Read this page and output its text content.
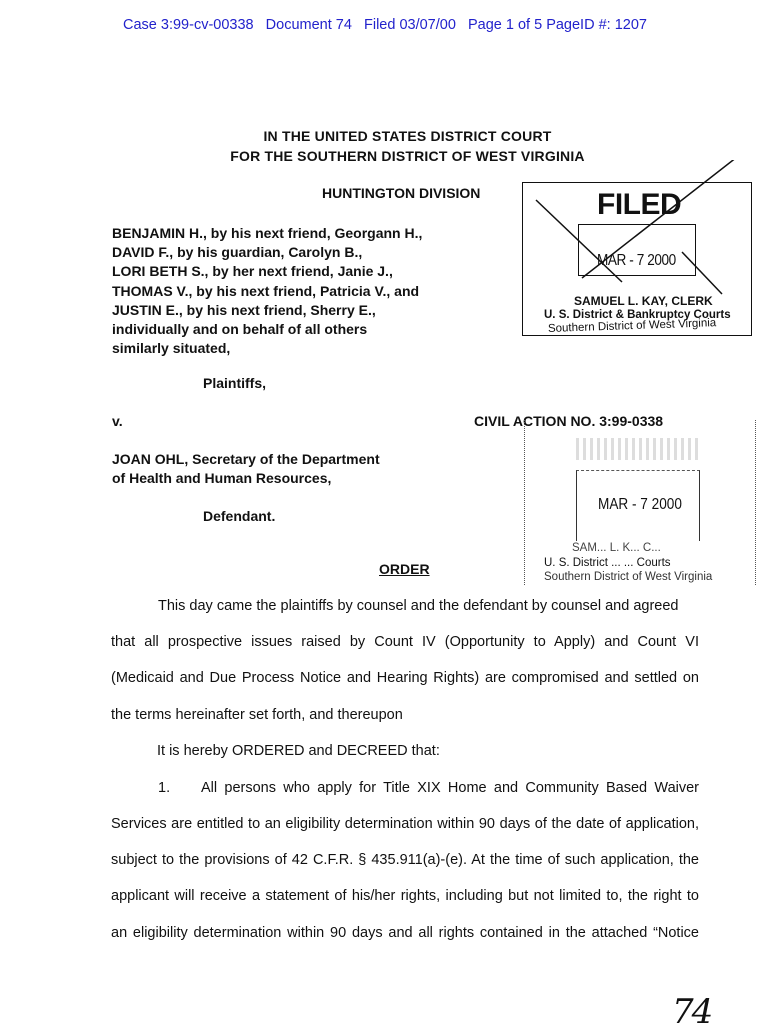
Case 3:99-cv-00338   Document 74   Filed 03/07/00   Page 1 of 5 PageID #: 1207
IN THE UNITED STATES DISTRICT COURT
FOR THE SOUTHERN DISTRICT OF WEST VIRGINIA
HUNTINGTON DIVISION	FILED
MAR - 7 2000
SAMUEL L. KAY, CLERK
U. S. District & Bankruptcy Courts
Southern District of West Virginia
BENJAMIN H., by his next friend, Georgann H.,
DAVID F., by his guardian, Carolyn B.,
LORI BETH S., by her next friend, Janie J.,
THOMAS V., by his next friend, Patricia V., and
JUSTIN E., by his next friend, Sherry E.,
individually and on behalf of all others
similarly situated,
Plaintiffs,
v.	CIVIL ACTION NO. 3:99-0338
MAR - 7 2000
SAM... L. K... C...
U. S. District ... ... Courts
Southern District of West Virginia
JOAN OHL, Secretary of the Department
of Health and Human Resources,
Defendant.
ORDER
This day came the plaintiffs by counsel and the defendant by counsel and agreed
that all prospective issues raised by Count IV (Opportunity to Apply) and Count VI
(Medicaid and Due Process Notice and Hearing Rights) are compromised and settled on
the terms hereinafter set forth, and thereupon
It is hereby ORDERED and DECREED that:
1. All persons who apply for Title XIX Home and Community Based Waiver
Services are entitled to an eligibility determination within 90 days of the date of application,
subject to the provisions of 42 C.F.R. § 435.911(a)-(e). At the time of such application, the
applicant will receive a statement of his/her rights, including but not limited to, the right to
an eligibility determination within 90 days and all rights contained in the attached “Notice
74
